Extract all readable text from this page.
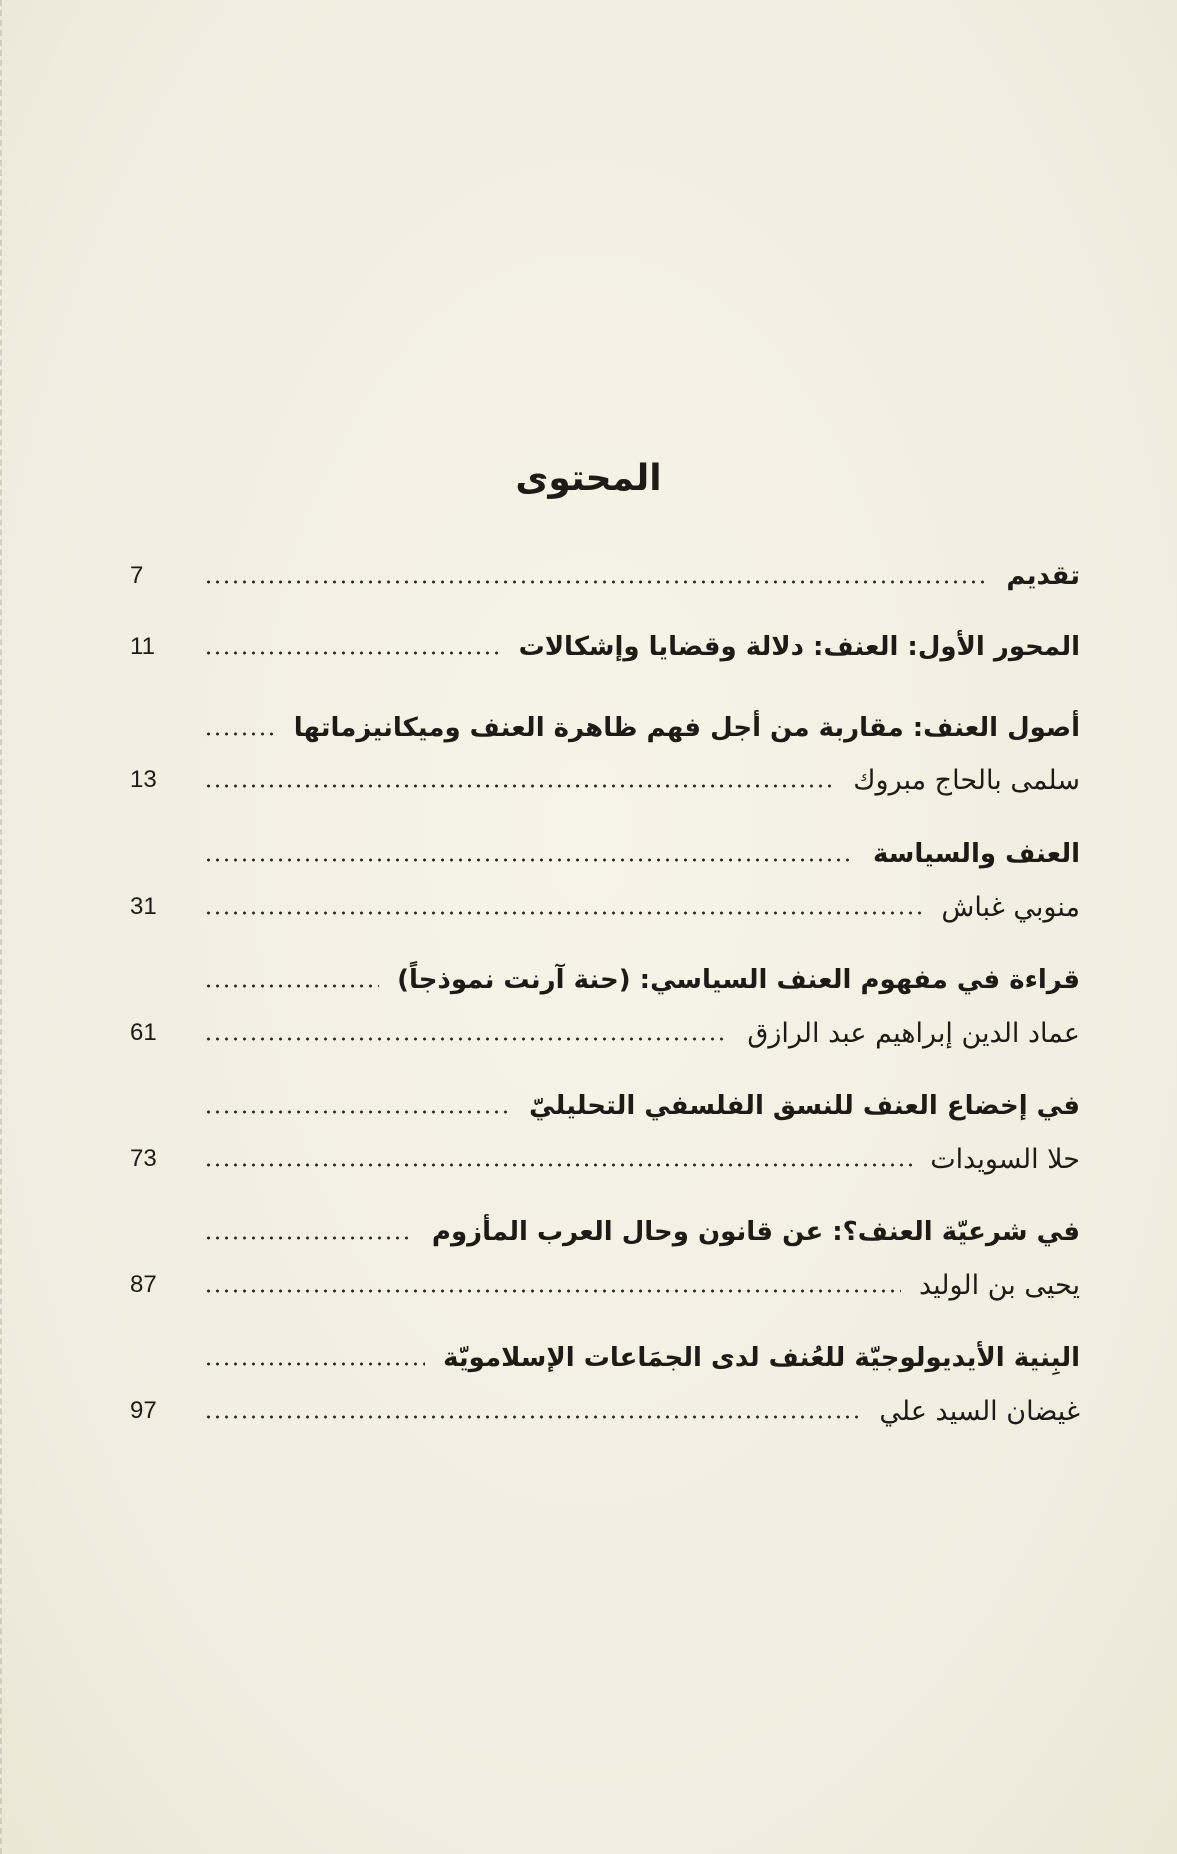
المحتوى
تقديم
7
المحور الأول: العنف: دلالة وقضايا وإشكالات
11
أصول العنف: مقاربة من أجل فهم ظاهرة العنف وميكانيزماتها
سلمى بالحاج مبروك
13
العنف والسياسة
منوبي غباش
31
قراءة في مفهوم العنف السياسي: (حنة آرنت نموذجاً)
عماد الدين إبراهيم عبد الرازق
61
في إخضاع العنف للنسق الفلسفي التحليليّ
حلا السويدات
73
في شرعيّة العنف؟: عن قانون وحال العرب المأزوم
يحيى بن الوليد
87
البِنية الأيديولوجيّة للعُنف لدى الجمَاعات الإسلامويّة
غيضان السيد علي
97
